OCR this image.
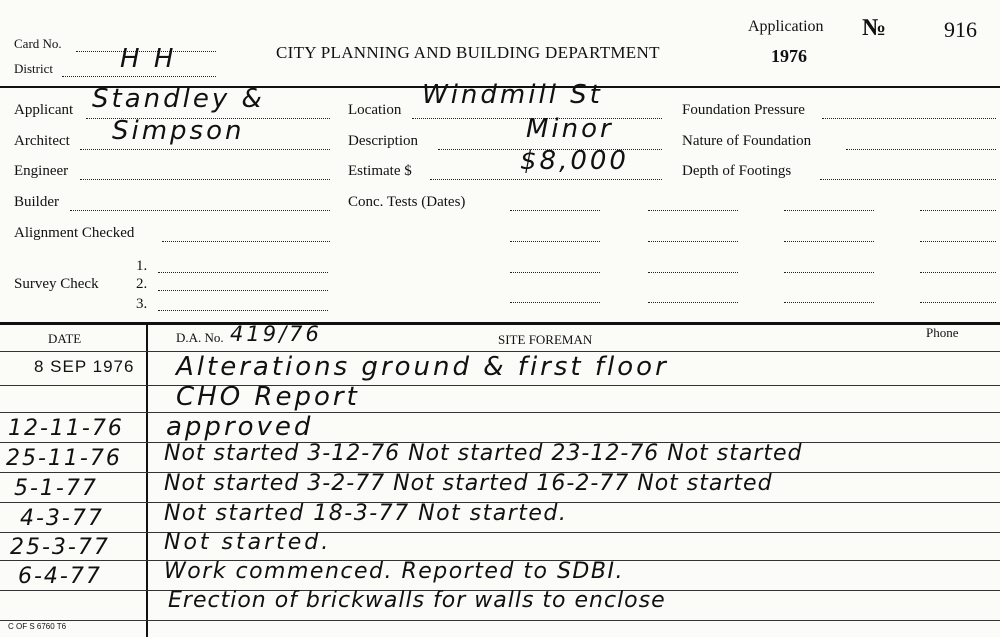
Card No.
District	H H	CITY PLANNING AND BUILDING DEPARTMENT
Application
1976
№	916
Applicant Standley &
Architect Simpson
Engineer
Builder
Alignment Checked
Survey Check
1.
2.
3.
Location Windmill St
Description	Minor
Estimate $	$8,000
Conc. Tests (Dates)
Foundation Pressure
Nature of Foundation
Depth of Footings
DATE	D.A. No. 419/76	SITE FOREMAN	Phone
8 SEP 1976 Alterations ground & first floor
CHO Report
12-11-76 approved
25-11-76 Not started 3-12-76 Not started 23-12-76 Not started
5-1-77	Not started 3-2-77 Not started 16-2-77 Not started
4-3-77	Not started 18-3-77 Not started.
25-3-77 Not started.
6-4-77	Work commenced. Reported to SDBI.
Erection of brickwalls for walls to enclose
C OF S 6760 T6
